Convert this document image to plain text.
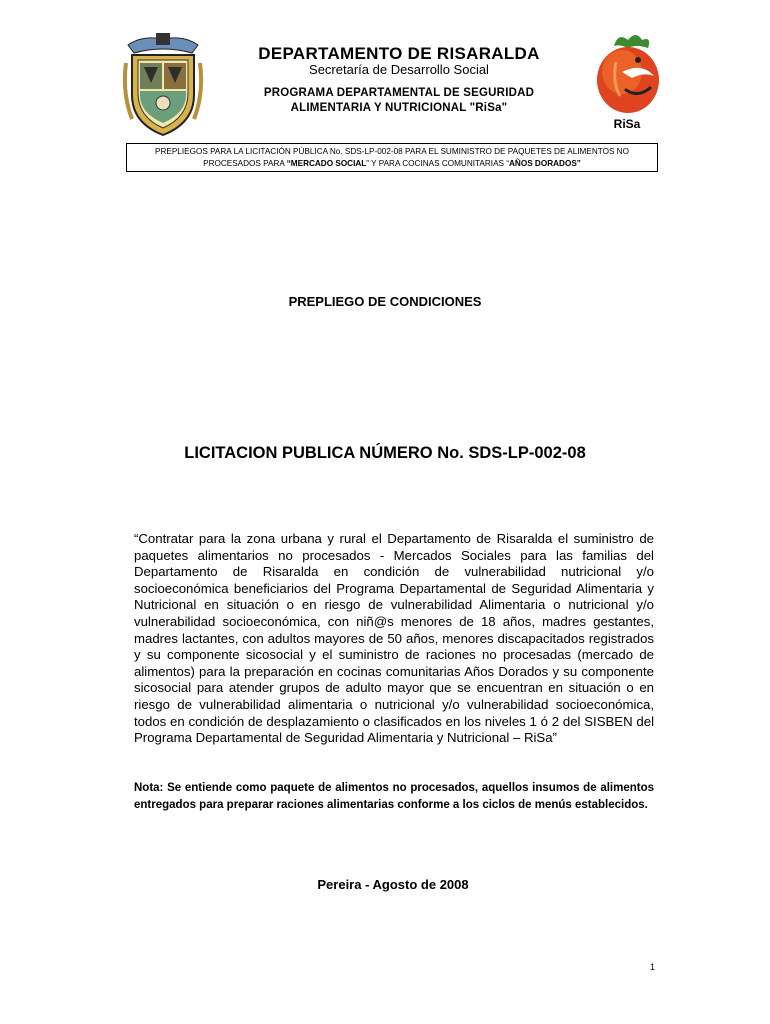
DEPARTAMENTO DE RISARALDA
Secretaría de Desarrollo Social
PROGRAMA DEPARTAMENTAL DE SEGURIDAD
ALIMENTARIA Y NUTRICIONAL "RiSa"
RiSa
PREPLIEGOS PARA LA LICITACIÓN PÚBLICA No. SDS-LP-002-08 PARA EL SUMINISTRO DE PAQUETES DE ALIMENTOS NO PROCESADOS PARA “MERCADO SOCIAL” Y PARA COCINAS COMUNITARIAS “AÑOS DORADOS”
PREPLIEGO DE CONDICIONES
LICITACION PUBLICA NÚMERO No. SDS-LP-002-08
“Contratar para la zona urbana y rural el Departamento de Risaralda el suministro de paquetes alimentarios no procesados - Mercados Sociales para las familias del Departamento de Risaralda en condición de vulnerabilidad nutricional y/o socioeconómica beneficiarios del Programa Departamental de Seguridad Alimentaria y Nutricional en situación o en riesgo de vulnerabilidad Alimentaria o nutricional y/o vulnerabilidad socioeconómica, con niñ@s menores de 18 años, madres gestantes, madres lactantes, con adultos mayores de 50 años, menores discapacitados registrados y su componente sicosocial y el suministro de raciones no procesadas (mercado de alimentos) para la preparación en cocinas comunitarias Años Dorados y su componente sicosocial para atender grupos de adulto mayor que se encuentran en situación o en riesgo de vulnerabilidad alimentaria o nutricional y/o vulnerabilidad socioeconómica, todos en condición de desplazamiento o clasificados en los niveles 1 ó 2 del SISBEN del Programa Departamental de Seguridad Alimentaria y Nutricional – RiSa”
Nota: Se entiende como paquete de alimentos no procesados, aquellos insumos de alimentos entregados para preparar raciones alimentarias conforme a los ciclos de menús establecidos.
Pereira - Agosto de 2008
1
